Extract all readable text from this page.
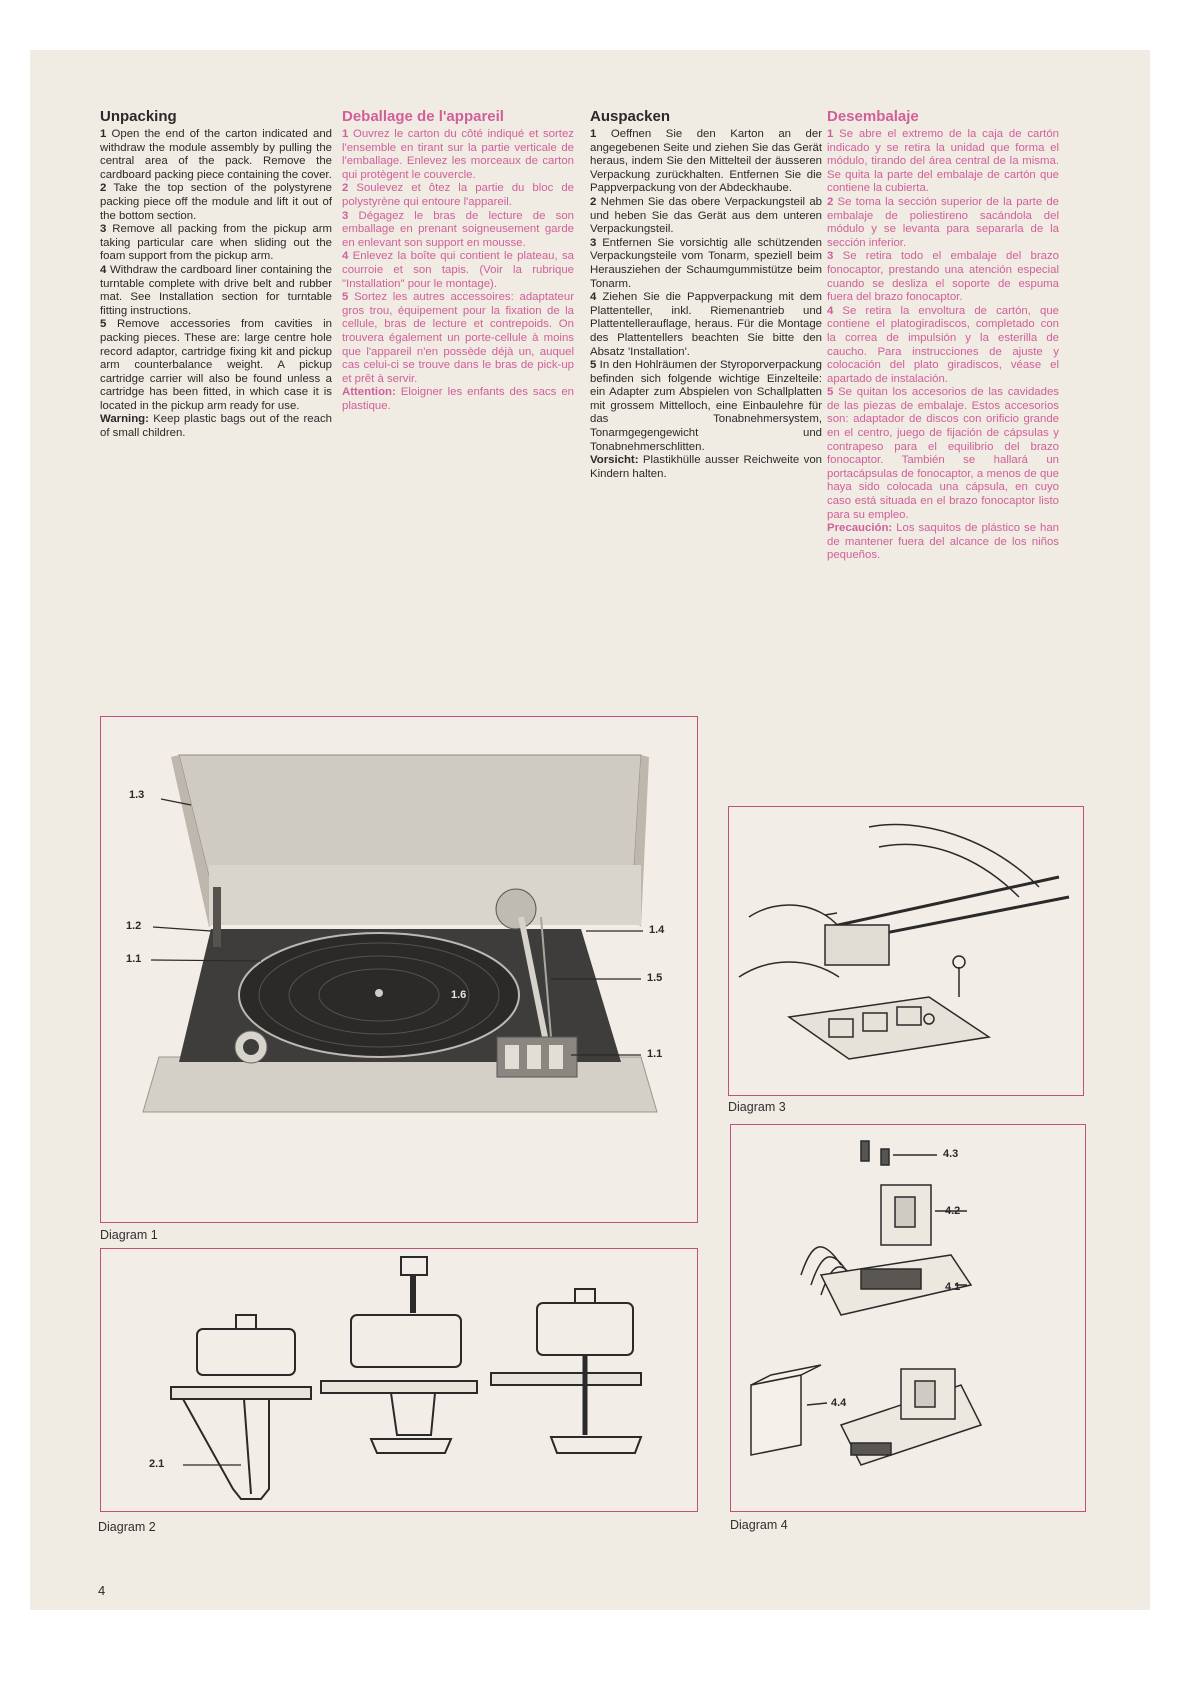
Unpacking

1 Open the end of the carton indicated and withdraw the module assembly by pulling the central area of the pack. Remove the cardboard packing piece containing the cover.

2 Take the top section of the polystyrene packing piece off the module and lift it out of the bottom section.

3 Remove all packing from the pickup arm taking particular care when sliding out the foam support from the pickup arm.

4 Withdraw the cardboard liner containing the turntable complete with drive belt and rubber mat. See Installation section for turntable fitting instructions.

5 Remove accessories from cavities in packing pieces. These are: large centre hole record adaptor, cartridge fixing kit and pickup arm counterbalance weight. A pickup cartridge carrier will also be found unless a cartridge has been fitted, in which case it is located in the pickup arm ready for use.

Warning: Keep plastic bags out of the reach of small children.

Deballage de l'appareil

1 Ouvrez le carton du côté indiqué et sortez l'ensemble en tirant sur la partie verticale de l'emballage. Enlevez les morceaux de carton qui protègent le couvercle.

2 Soulevez et ôtez la partie du bloc de polystyrène qui entoure l'appareil.

3 Dégagez le bras de lecture de son emballage en prenant soigneusement garde en enlevant son support en mousse.

4 Enlevez la boîte qui contient le plateau, sa courroie et son tapis. (Voir la rubrique "Installation" pour le montage).

5 Sortez les autres accessoires: adaptateur gros trou, équipement pour la fixation de la cellule, bras de lecture et contrepoids. On trouvera également un porte-cellule à moins que l'appareil n'en possède déjà un, auquel cas celui-ci se trouve dans le bras de pick-up et prêt à servir.

Attention: Eloigner les enfants des sacs en plastique.

Auspacken

1 Oeffnen Sie den Karton an der angegebenen Seite und ziehen Sie das Gerät heraus, indem Sie den Mittelteil der äusseren Verpackung zurückhalten. Entfernen Sie die Pappverpackung von der Abdeckhaube.

2 Nehmen Sie das obere Verpackungsteil ab und heben Sie das Gerät aus dem unteren Verpackungsteil.

3 Entfernen Sie vorsichtig alle schützenden Verpackungsteile vom Tonarm, speziell beim Herausziehen der Schaumgummistütze beim Tonarm.

4 Ziehen Sie die Pappverpackung mit dem Plattenteller, inkl. Riemenantrieb und Plattentellerauflage, heraus. Für die Montage des Plattentellers beachten Sie bitte den Absatz 'Installation'.

5 In den Hohlräumen der Styroporverpackung befinden sich folgende wichtige Einzelteile: ein Adapter zum Abspielen von Schallplatten mit grossem Mittelloch, eine Einbaulehre für das Tonabnehmersystem, Tonarmgegengewicht und Tonabnehmerschlitten.

Vorsicht: Plastikhülle ausser Reichweite von Kindern halten.

Desembalaje

1 Se abre el extremo de la caja de cartón indicado y se retira la unidad que forma el módulo, tirando del área central de la misma. Se quita la parte del embalaje de cartón que contiene la cubierta.

2 Se toma la sección superior de la parte de embalaje de poliestireno sacándola del módulo y se levanta para separarla de la sección inferior.

3 Se retira todo el embalaje del brazo fonocaptor, prestando una atención especial cuando se desliza el soporte de espuma fuera del brazo fonocaptor.

4 Se retira la envoltura de cartón, que contiene el platogiradiscos, completado con la correa de impulsión y la esterilla de caucho. Para instrucciones de ajuste y colocación del plato giradiscos, véase el apartado de instalación.

5 Se quitan los accesorios de las cavidades de las piezas de embalaje. Estos accesorios son: adaptador de discos con orificio grande en el centro, juego de fijación de cápsulas y contrapeso para el equilibrio del brazo fonocaptor. También se hallará un portacápsulas de fonocaptor, a menos de que haya sido colocada una cápsula, en cuyo caso está situada en el brazo fonocaptor listo para su empleo.

Precaución: Los saquitos de plástico se han de mantener fuera del alcance de los niños pequeños.

1.3
1.2
1.1
1.4
1.5
1.6
1.1
Diagram 1
2.1
Diagram 2
Diagram 3
4.3
4.2
4.1
4.4
Diagram 4
4
